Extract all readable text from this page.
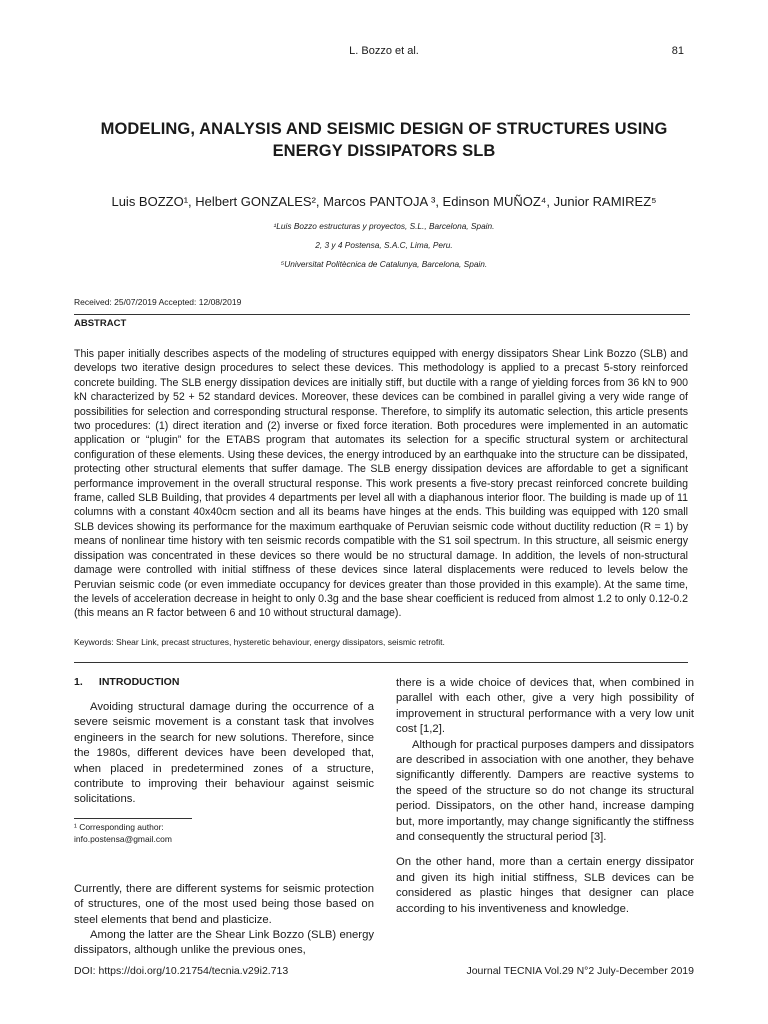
L. Bozzo et al.	81
MODELING, ANALYSIS AND SEISMIC DESIGN OF STRUCTURES USING ENERGY DISSIPATORS SLB
Luis BOZZO¹, Helbert GONZALES², Marcos PANTOJA ³, Edinson MUÑOZ⁴, Junior RAMIREZ⁵
¹Luis Bozzo estructuras y proyectos, S.L., Barcelona, Spain.
2, 3 y 4 Postensa, S.A.C, Lima, Peru.
⁵Universitat Politècnica de Catalunya, Barcelona, Spain.
Received: 25/07/2019 Accepted: 12/08/2019
ABSTRACT
This paper initially describes aspects of the modeling of structures equipped with energy dissipators Shear Link Bozzo (SLB) and develops two iterative design procedures to select these devices. This methodology is applied to a precast 5-story reinforced concrete building. The SLB energy dissipation devices are initially stiff, but ductile with a range of yielding forces from 36 kN to 900 kN characterized by 52 + 52 standard devices. Moreover, these devices can be combined in parallel giving a very wide range of possibilities for selection and corresponding structural response. Therefore, to simplify its automatic selection, this article presents two procedures: (1) direct iteration and (2) inverse or fixed force iteration. Both procedures were implemented in an automatic application or “plugin” for the ETABS program that automates its selection for a specific structural system or architectural configuration of these elements. Using these devices, the energy introduced by an earthquake into the structure can be dissipated, protecting other structural elements that suffer damage. The SLB energy dissipation devices are affordable to get a significant performance improvement in the overall structural response. This work presents a five-story precast reinforced concrete building frame, called SLB Building, that provides 4 departments per level all with a diaphanous interior floor. The building is made up of 11 columns with a constant 40x40cm section and all its beams have hinges at the ends. This building was equipped with 120 small SLB devices showing its performance for the maximum earthquake of Peruvian seismic code without ductility reduction (R = 1) by means of nonlinear time history with ten seismic records compatible with the S1 soil spectrum. In this structure, all seismic energy dissipation was concentrated in these devices so there would be no structural damage. In addition, the levels of non-structural damage were controlled with initial stiffness of these devices since lateral displacements were reduced to levels below the Peruvian seismic code (or even immediate occupancy for devices greater than those provided in this example). At the same time, the levels of acceleration decrease in height to only 0.3g and the base shear coefficient is reduced from almost 1.2 to only 0.12-0.2 (this means an R factor between 6 and 10 without structural damage).
Keywords: Shear Link, precast structures, hysteretic behaviour, energy dissipators, seismic retrofit.
1. INTRODUCTION

Avoiding structural damage during the occurrence of a severe seismic movement is a constant task that involves engineers in the search for new solutions. Therefore, since the 1980s, different devices have been developed that, when placed in predetermined zones of a structure, contribute to improving their behaviour against seismic solicitations.

¹ Corresponding author:
info.postensa@gmail.com

Currently, there are different systems for seismic protection of structures, one of the most used being those based on steel elements that bend and plasticize.

Among the latter are the Shear Link Bozzo (SLB) energy dissipators, although unlike the previous ones,

there is a wide choice of devices that, when combined in parallel with each other, give a very high possibility of improvement in structural performance with a very low unit cost [1,2].

Although for practical purposes dampers and dissipators are described in association with one another, they behave significantly differently. Dampers are reactive systems to the speed of the structure so do not change its structural period. Dissipators, on the other hand, increase damping but, more importantly, may change significantly the stiffness and consequently the structural period [3].

On the other hand, more than a certain energy dissipator and given its high initial stiffness, SLB devices can be considered as plastic hinges that designer can place according to his inventiveness and knowledge.

DOI: https://doi.org/10.21754/tecnia.v29i2.713	Journal TECNIA Vol.29 N°2 July-December 2019
